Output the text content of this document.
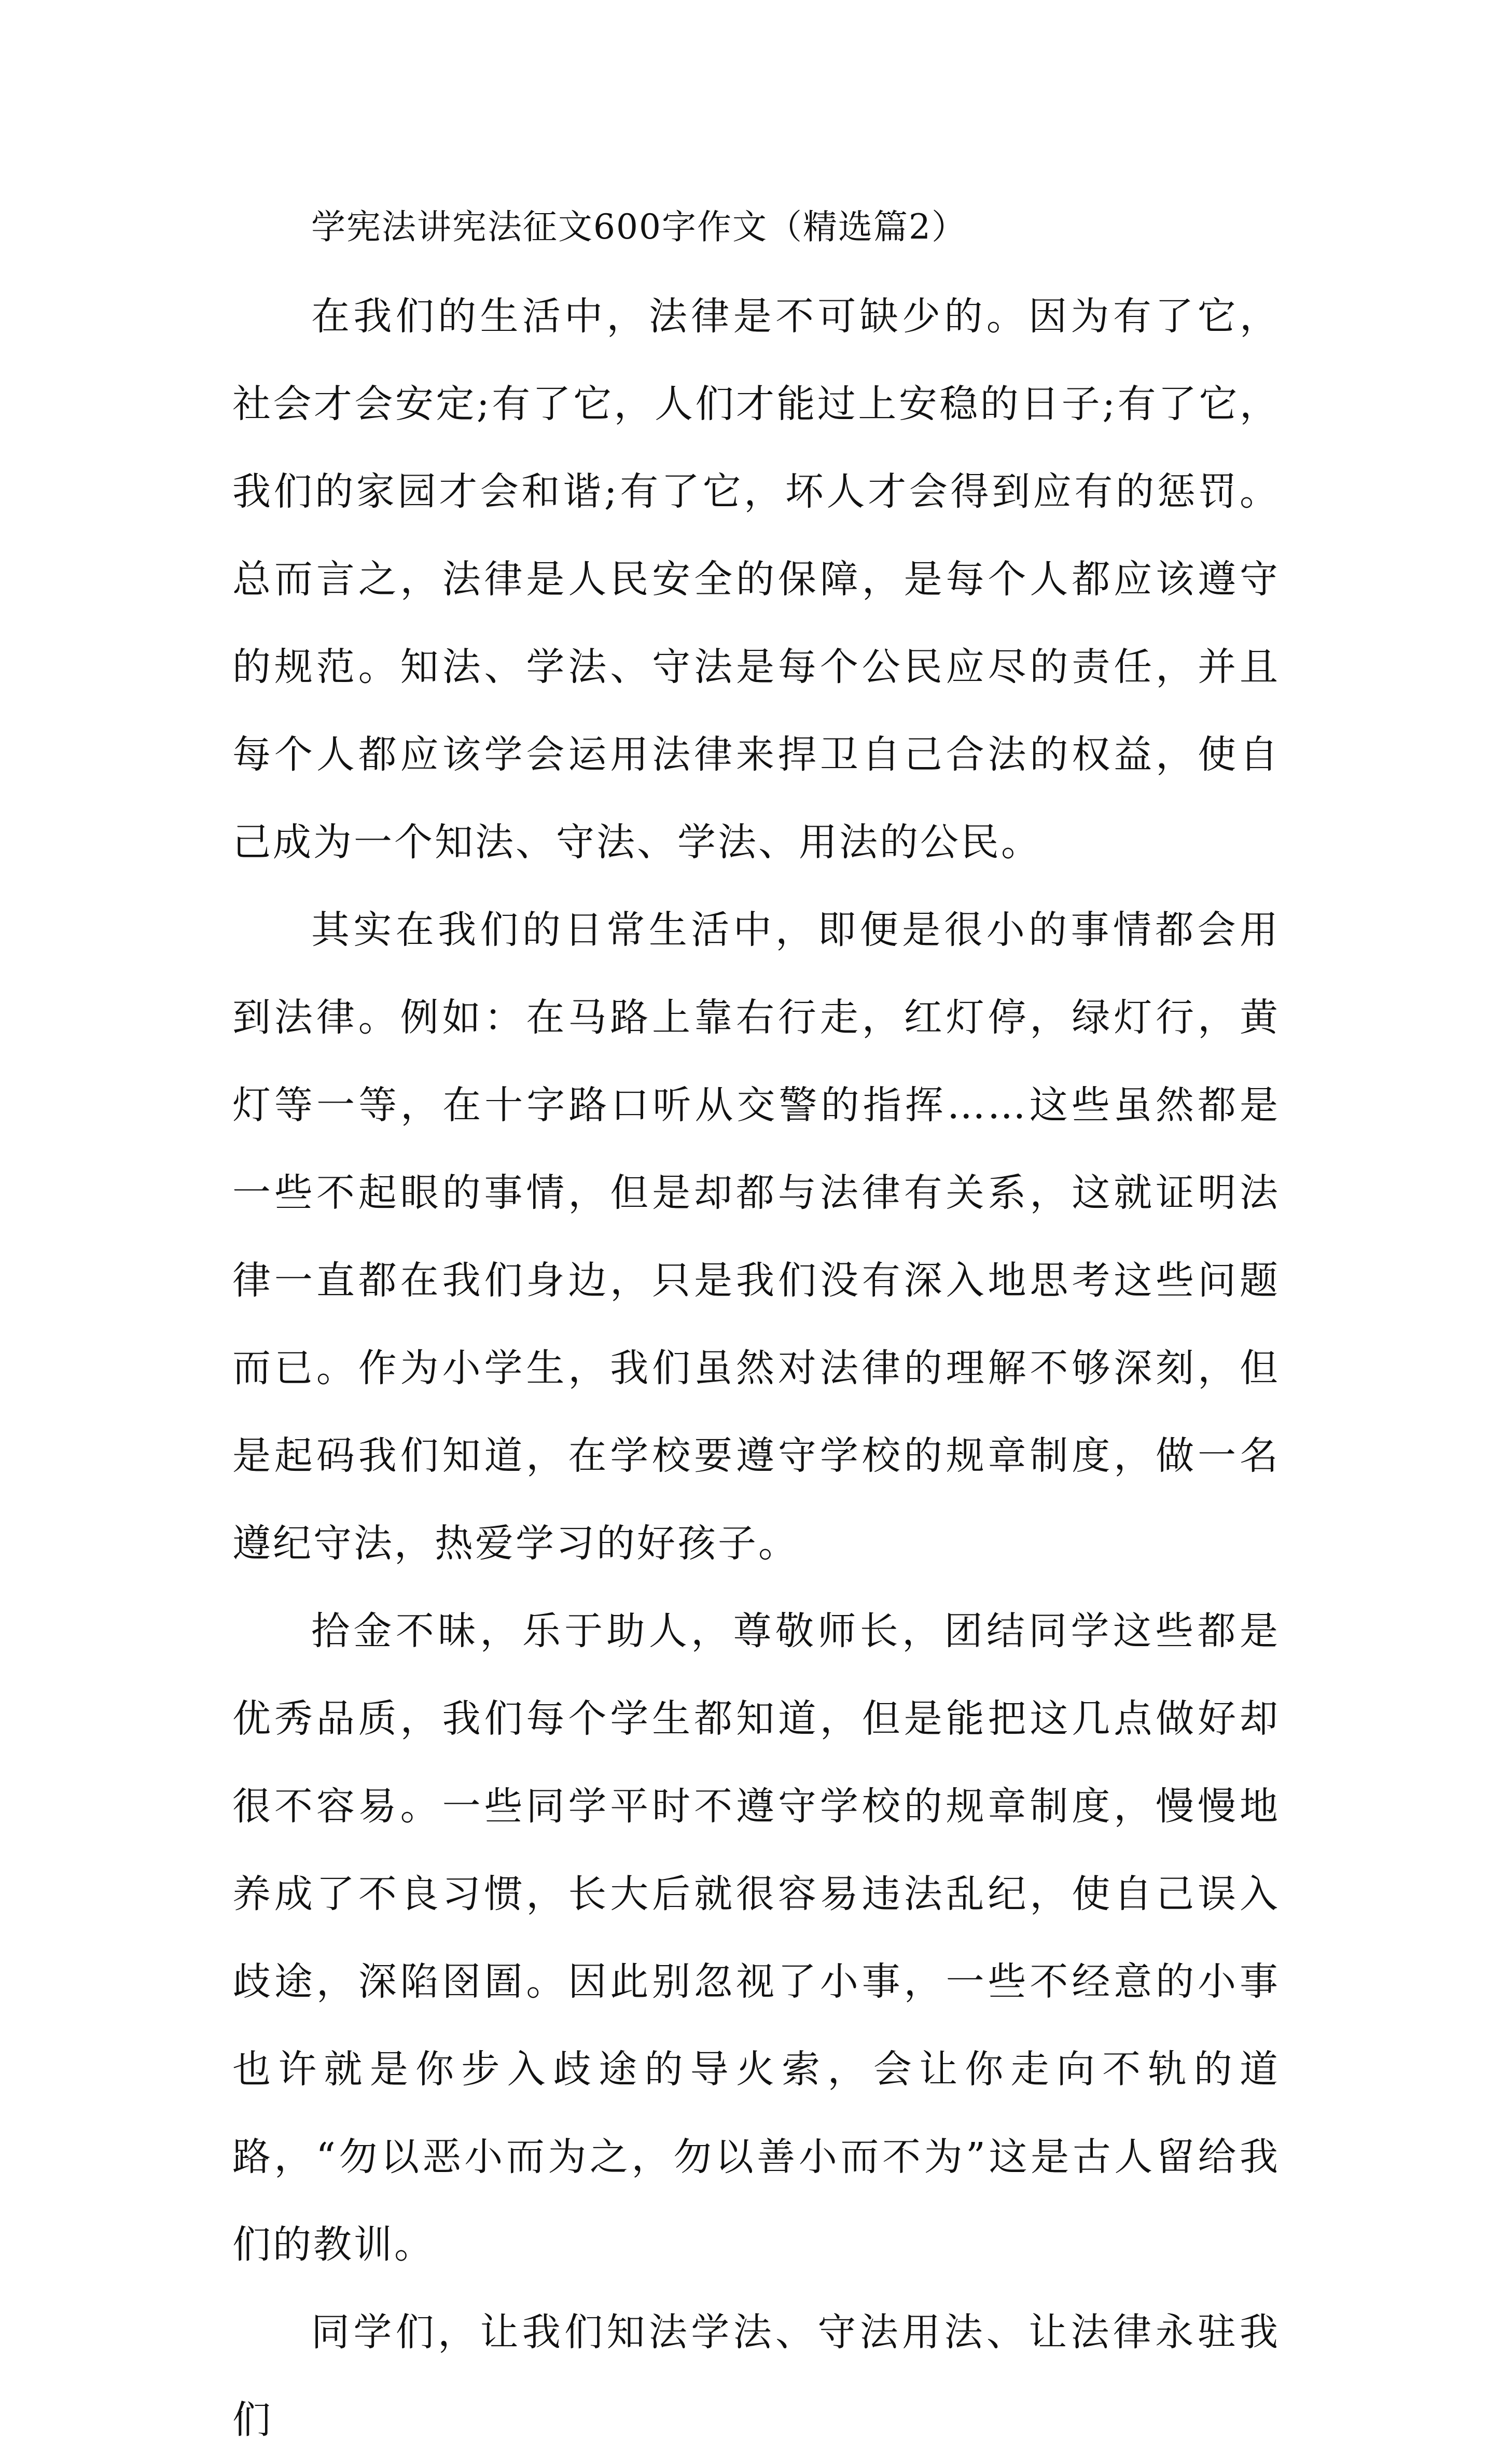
学宪法讲宪法征文600字作文（精选篇2）

在我们的生活中，法律是不可缺少的。因为有了它，社会才会安定;有了它，人们才能过上安稳的日子;有了它，我们的家园才会和谐;有了它，坏人才会得到应有的惩罚。总而言之，法律是人民安全的保障，是每个人都应该遵守的规范。知法、学法、守法是每个公民应尽的责任，并且每个人都应该学会运用法律来捍卫自己合法的权益，使自己成为一个知法、守法、学法、用法的公民。

其实在我们的日常生活中，即便是很小的事情都会用到法律。例如：在马路上靠右行走，红灯停，绿灯行，黄灯等一等，在十字路口听从交警的指挥……这些虽然都是一些不起眼的事情，但是却都与法律有关系，这就证明法律一直都在我们身边，只是我们没有深入地思考这些问题而已。作为小学生，我们虽然对法律的理解不够深刻，但是起码我们知道，在学校要遵守学校的规章制度，做一名遵纪守法，热爱学习的好孩子。

拾金不昧，乐于助人，尊敬师长，团结同学这些都是优秀品质，我们每个学生都知道，但是能把这几点做好却很不容易。一些同学平时不遵守学校的规章制度，慢慢地养成了不良习惯，长大后就很容易违法乱纪，使自己误入歧途，深陷囹圄。因此别忽视了小事，一些不经意的小事也许就是你步入歧途的导火索，会让你走向不轨的道路，“勿以恶小而为之，勿以善小而不为”这是古人留给我们的教训。

同学们，让我们知法学法、守法用法、让法律永驻我们
